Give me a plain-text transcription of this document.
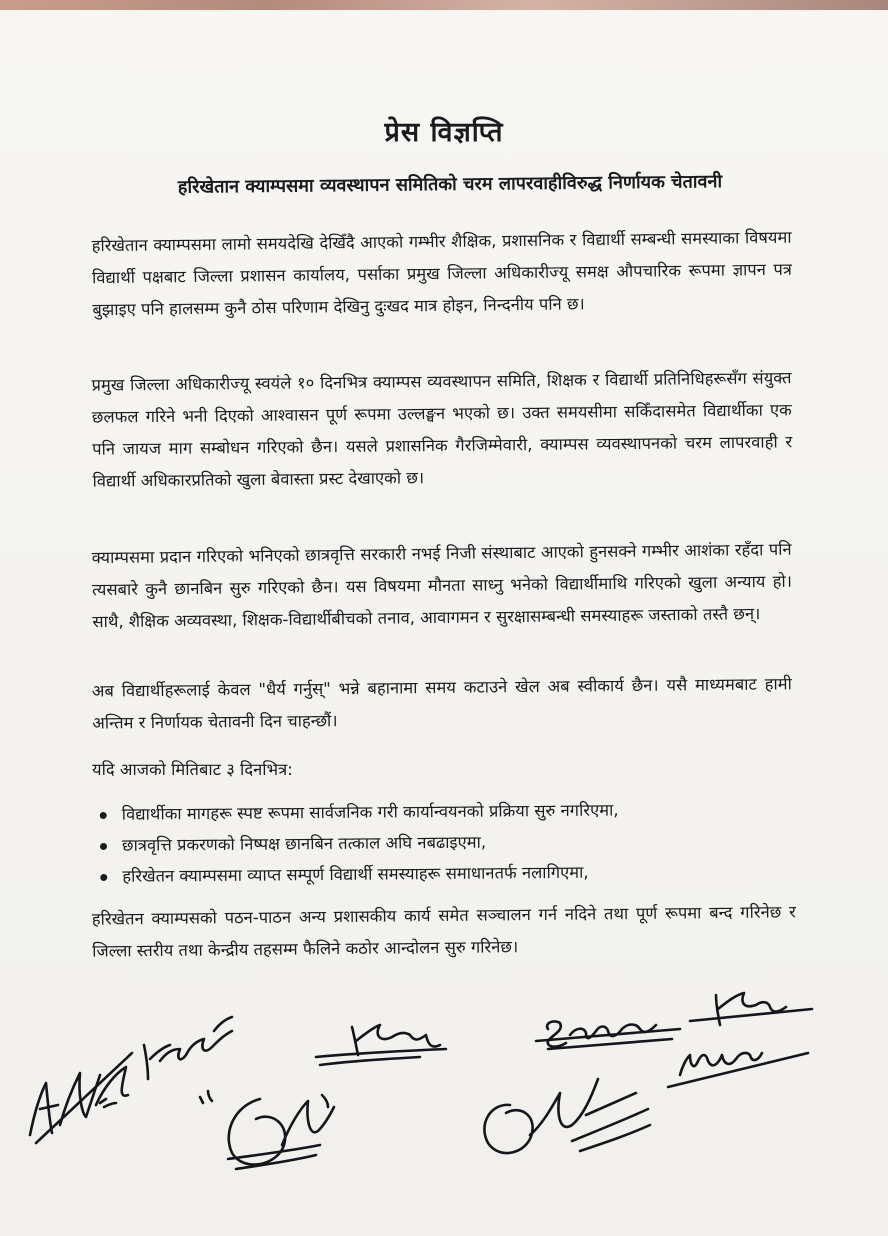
प्रेस विज्ञप्ति
हरिखेतान क्याम्पसमा व्यवस्थापन समितिको चरम लापरवाहीविरुद्ध निर्णायक चेतावनी

हरिखेतान क्याम्पसमा लामो समयदेखि देखिँदै आएको गम्भीर शैक्षिक, प्रशासनिक र विद्यार्थी सम्बन्धी समस्याका विषयमा विद्यार्थी पक्षबाट जिल्ला प्रशासन कार्यालय, पर्साका प्रमुख जिल्ला अधिकारीज्यू समक्ष औपचारिक रूपमा ज्ञापन पत्र बुझाइए पनि हालसम्म कुनै ठोस परिणाम देखिनु दुःखद मात्र होइन, निन्दनीय पनि छ।

प्रमुख जिल्ला अधिकारीज्यू स्वयंले १० दिनभित्र क्याम्पस व्यवस्थापन समिति, शिक्षक र विद्यार्थी प्रतिनिधिहरूसँग संयुक्त छलफल गरिने भनी दिएको आश्वासन पूर्ण रूपमा उल्लङ्घन भएको छ। उक्त समयसीमा सकिँदासमेत विद्यार्थीका एक पनि जायज माग सम्बोधन गरिएको छैन। यसले प्रशासनिक गैरजिम्मेवारी, क्याम्पस व्यवस्थापनको चरम लापरवाही र विद्यार्थी अधिकारप्रतिको खुला बेवास्ता प्रस्ट देखाएको छ।

क्याम्पसमा प्रदान गरिएको भनिएको छात्रवृत्ति सरकारी नभई निजी संस्थाबाट आएको हुनसक्ने गम्भीर आशंका रहँदा पनि त्यसबारे कुनै छानबिन सुरु गरिएको छैन। यस विषयमा मौनता साध्नु भनेको विद्यार्थीमाथि गरिएको खुला अन्याय हो। साथै, शैक्षिक अव्यवस्था, शिक्षक-विद्यार्थीबीचको तनाव, आवागमन र सुरक्षासम्बन्धी समस्याहरू जस्ताको तस्तै छन्।

अब विद्यार्थीहरूलाई केवल "धैर्य गर्नुस्" भन्ने बहानामा समय कटाउने खेल अब स्वीकार्य छैन। यसै माध्यमबाट हामी अन्तिम र निर्णायक चेतावनी दिन चाहन्छौं।

यदि आजको मितिबाट ३ दिनभित्र:

विद्यार्थीका मागहरू स्पष्ट रूपमा सार्वजनिक गरी कार्यान्वयनको प्रक्रिया सुरु नगरिएमा,
छात्रवृत्ति प्रकरणको निष्पक्ष छानबिन तत्काल अघि नबढाइएमा,
हरिखेतन क्याम्पसमा व्याप्त सम्पूर्ण विद्यार्थी समस्याहरू समाधानतर्फ नलागिएमा,

हरिखेतन क्याम्पसको पठन-पाठन अन्य प्रशासकीय कार्य समेत सञ्चालन गर्न नदिने तथा पूर्ण रूपमा बन्द गरिनेछ र जिल्ला स्तरीय तथा केन्द्रीय तहसम्म फैलिने कठोर आन्दोलन सुरु गरिनेछ।
